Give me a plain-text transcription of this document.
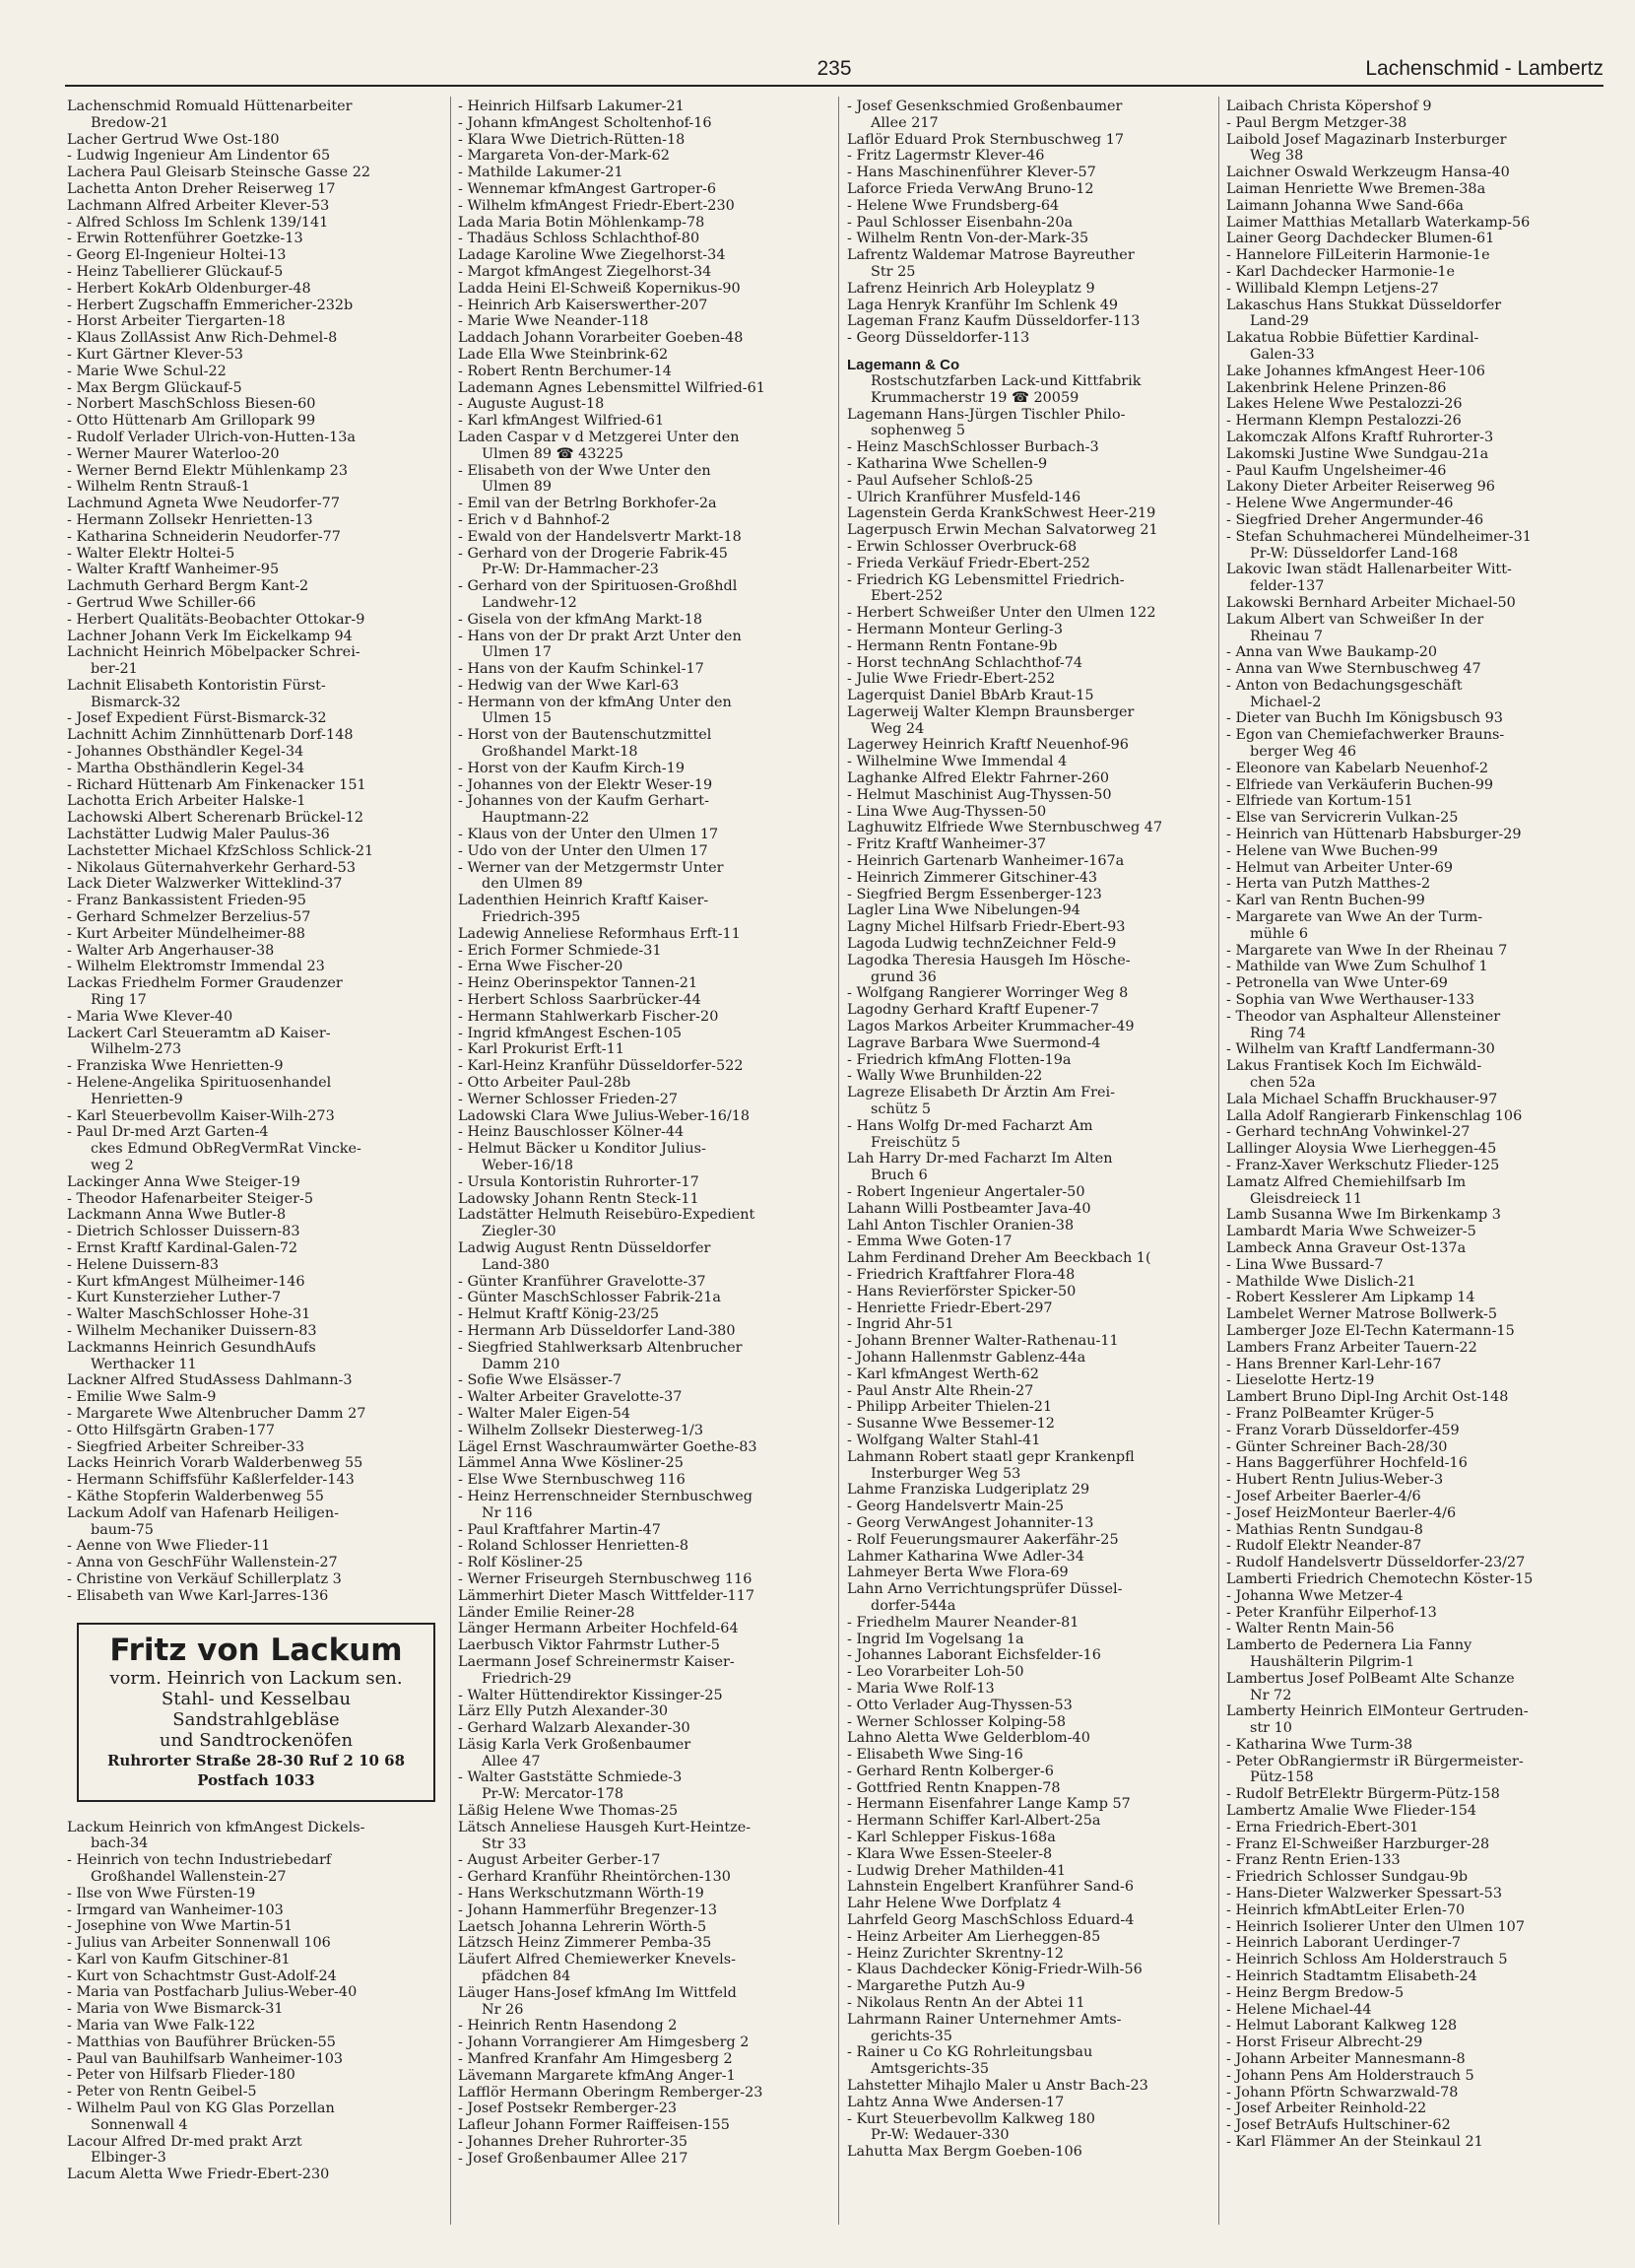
235	Lachenschmid - Lambertz
Lachenschmid Romuald Hüttenarbeiter
Bredow-21
Lacher Gertrud Wwe Ost-180
- Ludwig Ingenieur Am Lindentor 65
Lachera Paul Gleisarb Steinsche Gasse 22
Lachetta Anton Dreher Reiserweg 17
Lachmann Alfred Arbeiter Klever-53
- Alfred Schloss Im Schlenk 139/141
- Erwin Rottenführer Goetzke-13
- Georg El-Ingenieur Holtei-13
- Heinz Tabellierer Glückauf-5
- Herbert KokArb Oldenburger-48
- Herbert Zugschaffn Emmericher-232b
- Horst Arbeiter Tiergarten-18
- Klaus ZollAssist Anw Rich-Dehmel-8
- Kurt Gärtner Klever-53
- Marie Wwe Schul-22
- Max Bergm Glückauf-5
- Norbert MaschSchloss Biesen-60
- Otto Hüttenarb Am Grillopark 99
- Rudolf Verlader Ulrich-von-Hutten-13a
- Werner Maurer Waterloo-20
- Werner Bernd Elektr Mühlenkamp 23
- Wilhelm Rentn Strauß-1
Lachmund Agneta Wwe Neudorfer-77
- Hermann Zollsekr Henrietten-13
- Katharina Schneiderin Neudorfer-77
- Walter Elektr Holtei-5
- Walter Kraftf Wanheimer-95
Lachmuth Gerhard Bergm Kant-2
- Gertrud Wwe Schiller-66
- Herbert Qualitäts-Beobachter Ottokar-9
Lachner Johann Verk Im Eickelkamp 94
Lachnicht Heinrich Möbelpacker Schrei-
ber-21
Lachnit Elisabeth Kontoristin Fürst-
Bismarck-32
- Josef Expedient Fürst-Bismarck-32
Lachnitt Achim Zinnhüttenarb Dorf-148
- Johannes Obsthändler Kegel-34
- Martha Obsthändlerin Kegel-34
- Richard Hüttenarb Am Finkenacker 151
Lachotta Erich Arbeiter Halske-1
Lachowski Albert Scherenarb Brückel-12
Lachstätter Ludwig Maler Paulus-36
Lachstetter Michael KfzSchloss Schlick-21
- Nikolaus Güternahverkehr Gerhard-53
Lack Dieter Walzwerker Witteklind-37
- Franz Bankassistent Frieden-95
- Gerhard Schmelzer Berzelius-57
- Kurt Arbeiter Mündelheimer-88
- Walter Arb Angerhauser-38
- Wilhelm Elektromstr Immendal 23
Lackas Friedhelm Former Graudenzer
Ring 17
- Maria Wwe Klever-40
Lackert Carl Steueramtm aD Kaiser-
Wilhelm-273
- Franziska Wwe Henrietten-9
- Helene-Angelika Spirituosenhandel
Henrietten-9
- Karl Steuerbevollm Kaiser-Wilh-273
- Paul Dr-med Arzt Garten-4
ckes Edmund ObRegVermRat Vincke-
weg 2
Lackinger Anna Wwe Steiger-19
- Theodor Hafenarbeiter Steiger-5
Lackmann Anna Wwe Butler-8
- Dietrich Schlosser Duissern-83
- Ernst Kraftf Kardinal-Galen-72
- Helene Duissern-83
- Kurt kfmAngest Mülheimer-146
- Kurt Kunsterzieher Luther-7
- Walter MaschSchlosser Hohe-31
- Wilhelm Mechaniker Duissern-83
Lackmanns Heinrich GesundhAufs
Werthacker 11
Lackner Alfred StudAssess Dahlmann-3
- Emilie Wwe Salm-9
- Margarete Wwe Altenbrucher Damm 27
- Otto Hilfsgärtn Graben-177
- Siegfried Arbeiter Schreiber-33
Lacks Heinrich Vorarb Walderbenweg 55
- Hermann Schiffsführ Kaßlerfelder-143
- Käthe Stopferin Walderbenweg 55
Lackum Adolf van Hafenarb Heiligen-
baum-75
- Aenne von Wwe Flieder-11
- Anna von GeschFühr Wallenstein-27
- Christine von Verkäuf Schillerplatz 3
- Elisabeth van Wwe Karl-Jarres-136
Fritz von Lackum
vorm. Heinrich von Lackum sen.
Stahl- und Kesselbau
Sandstrahlgebläse
und Sandtrockenöfen
Ruhrorter Straße 28-30 Ruf 2 10 68
Postfach 1033
Lackum Heinrich von kfmAngest Dickels-
bach-34
- Heinrich von techn Industriebedarf
Großhandel Wallenstein-27
- Ilse von Wwe Fürsten-19
- Irmgard van Wanheimer-103
- Josephine von Wwe Martin-51
- Julius van Arbeiter Sonnenwall 106
- Karl von Kaufm Gitschiner-81
- Kurt von Schachtmstr Gust-Adolf-24
- Maria van Postfacharb Julius-Weber-40
- Maria von Wwe Bismarck-31
- Maria van Wwe Falk-122
- Matthias von Bauführer Brücken-55
- Paul van Bauhilfsarb Wanheimer-103
- Peter von Hilfsarb Flieder-180
- Peter von Rentn Geibel-5
- Wilhelm Paul von KG Glas Porzellan
Sonnenwall 4
Lacour Alfred Dr-med prakt Arzt
Elbinger-3
Lacum Aletta Wwe Friedr-Ebert-230
- Heinrich Hilfsarb Lakumer-21
- Johann kfmAngest Scholtenhof-16
- Klara Wwe Dietrich-Rütten-18
- Margareta Von-der-Mark-62
- Mathilde Lakumer-21
- Wennemar kfmAngest Gartroper-6
- Wilhelm kfmAngest Friedr-Ebert-230
Lada Maria Botin Möhlenkamp-78
- Thadäus Schloss Schlachthof-80
Ladage Karoline Wwe Ziegelhorst-34
- Margot kfmAngest Ziegelhorst-34
Ladda Heini El-Schweiß Kopernikus-90
- Heinrich Arb Kaiserswerther-207
- Marie Wwe Neander-118
Laddach Johann Vorarbeiter Goeben-48
Lade Ella Wwe Steinbrink-62
- Robert Rentn Berchumer-14
Lademann Agnes Lebensmittel Wilfried-61
- Auguste August-18
- Karl kfmAngest Wilfried-61
Laden Caspar v d Metzgerei Unter den
Ulmen 89 ☎ 43225
- Elisabeth von der Wwe Unter den
Ulmen 89
- Emil van der Betrlng Borkhofer-2a
- Erich v d Bahnhof-2
- Ewald von der Handelsvertr Markt-18
- Gerhard von der Drogerie Fabrik-45
Pr-W: Dr-Hammacher-23
- Gerhard von der Spirituosen-Großhdl
Landwehr-12
- Gisela von der kfmAng Markt-18
- Hans von der Dr prakt Arzt Unter den
Ulmen 17
- Hans von der Kaufm Schinkel-17
- Hedwig van der Wwe Karl-63
- Hermann von der kfmAng Unter den
Ulmen 15
- Horst von der Bautenschutzmittel
Großhandel Markt-18
- Horst von der Kaufm Kirch-19
- Johannes von der Elektr Weser-19
- Johannes von der Kaufm Gerhart-
Hauptmann-22
- Klaus von der Unter den Ulmen 17
- Udo von der Unter den Ulmen 17
- Werner van der Metzgermstr Unter
den Ulmen 89
Ladenthien Heinrich Kraftf Kaiser-
Friedrich-395
Ladewig Anneliese Reformhaus Erft-11
- Erich Former Schmiede-31
- Erna Wwe Fischer-20
- Heinz Oberinspektor Tannen-21
- Herbert Schloss Saarbrücker-44
- Hermann Stahlwerkarb Fischer-20
- Ingrid kfmAngest Eschen-105
- Karl Prokurist Erft-11
- Karl-Heinz Kranführ Düsseldorfer-522
- Otto Arbeiter Paul-28b
- Werner Schlosser Frieden-27
Ladowski Clara Wwe Julius-Weber-16/18
- Heinz Bauschlosser Kölner-44
- Helmut Bäcker u Konditor Julius-
Weber-16/18
- Ursula Kontoristin Ruhrorter-17
Ladowsky Johann Rentn Steck-11
Ladstätter Helmuth Reisebüro-Expedient
Ziegler-30
Ladwig August Rentn Düsseldorfer
Land-380
- Günter Kranführer Gravelotte-37
- Günter MaschSchlosser Fabrik-21a
- Helmut Kraftf König-23/25
- Hermann Arb Düsseldorfer Land-380
- Siegfried Stahlwerksarb Altenbrucher
Damm 210
- Sofie Wwe Elsässer-7
- Walter Arbeiter Gravelotte-37
- Walter Maler Eigen-54
- Wilhelm Zollsekr Diesterweg-1/3
Lägel Ernst Waschraumwärter Goethe-83
Lämmel Anna Wwe Kösliner-25
- Else Wwe Sternbuschweg 116
- Heinz Herrenschneider Sternbuschweg
Nr 116
- Paul Kraftfahrer Martin-47
- Roland Schlosser Henrietten-8
- Rolf Kösliner-25
- Werner Friseurgeh Sternbuschweg 116
Lämmerhirt Dieter Masch Wittfelder-117
Länder Emilie Reiner-28
Länger Hermann Arbeiter Hochfeld-64
Laerbusch Viktor Fahrmstr Luther-5
Laermann Josef Schreinermstr Kaiser-
Friedrich-29
- Walter Hüttendirektor Kissinger-25
Lärz Elly Putzh Alexander-30
- Gerhard Walzarb Alexander-30
Läsig Karla Verk Großenbaumer
Allee 47
- Walter Gaststätte Schmiede-3
Pr-W: Mercator-178
Läßig Helene Wwe Thomas-25
Lätsch Anneliese Hausgeh Kurt-Heintze-
Str 33
- August Arbeiter Gerber-17
- Gerhard Kranführ Rheintörchen-130
- Hans Werkschutzmann Wörth-19
- Johann Hammerführ Bregenzer-13
Laetsch Johanna Lehrerin Wörth-5
Lätzsch Heinz Zimmerer Pemba-35
Läufert Alfred Chemiewerker Knevels-
pfädchen 84
Läuger Hans-Josef kfmAng Im Wittfeld
Nr 26
- Heinrich Rentn Hasendong 2
- Johann Vorrangierer Am Himgesberg 2
- Manfred Kranfahr Am Himgesberg 2
Lävemann Margarete kfmAng Anger-1
Lafflör Hermann Oberingm Remberger-23
- Josef Postsekr Remberger-23
Lafleur Johann Former Raiffeisen-155
- Johannes Dreher Ruhrorter-35
- Josef Großenbaumer Allee 217
- Josef Gesenkschmied Großenbaumer
Allee 217
Laflör Eduard Prok Sternbuschweg 17
- Fritz Lagermstr Klever-46
- Hans Maschinenführer Klever-57
Laforce Frieda VerwAng Bruno-12
- Helene Wwe Frundsberg-64
- Paul Schlosser Eisenbahn-20a
- Wilhelm Rentn Von-der-Mark-35
Lafrentz Waldemar Matrose Bayreuther
Str 25
Lafrenz Heinrich Arb Holeyplatz 9
Laga Henryk Kranführ Im Schlenk 49
Lageman Franz Kaufm Düsseldorfer-113
- Georg Düsseldorfer-113
Lagemann & Co
Rostschutzfarben Lack-und Kittfabrik
Krummacherstr 19 ☎ 20059
Lagemann Hans-Jürgen Tischler Philo-
sophenweg 5
- Heinz MaschSchlosser Burbach-3
- Katharina Wwe Schellen-9
- Paul Aufseher Schloß-25
- Ulrich Kranführer Musfeld-146
Lagenstein Gerda KrankSchwest Heer-219
Lagerpusch Erwin Mechan Salvatorweg 21
- Erwin Schlosser Overbruck-68
- Frieda Verkäuf Friedr-Ebert-252
- Friedrich KG Lebensmittel Friedrich-
Ebert-252
- Herbert Schweißer Unter den Ulmen 122
- Hermann Monteur Gerling-3
- Hermann Rentn Fontane-9b
- Horst technAng Schlachthof-74
- Julie Wwe Friedr-Ebert-252
Lagerquist Daniel BbArb Kraut-15
Lagerweij Walter Klempn Braunsberger
Weg 24
Lagerwey Heinrich Kraftf Neuenhof-96
- Wilhelmine Wwe Immendal 4
Laghanke Alfred Elektr Fahrner-260
- Helmut Maschinist Aug-Thyssen-50
- Lina Wwe Aug-Thyssen-50
Laghuwitz Elfriede Wwe Sternbuschweg 47
- Fritz Kraftf Wanheimer-37
- Heinrich Gartenarb Wanheimer-167a
- Heinrich Zimmerer Gitschiner-43
- Siegfried Bergm Essenberger-123
Lagler Lina Wwe Nibelungen-94
Lagny Michel Hilfsarb Friedr-Ebert-93
Lagoda Ludwig technZeichner Feld-9
Lagodka Theresia Hausgeh Im Hösche-
grund 36
- Wolfgang Rangierer Worringer Weg 8
Lagodny Gerhard Kraftf Eupener-7
Lagos Markos Arbeiter Krummacher-49
Lagrave Barbara Wwe Suermond-4
- Friedrich kfmAng Flotten-19a
- Wally Wwe Brunhilden-22
Lagreze Elisabeth Dr Ärztin Am Frei-
schütz 5
- Hans Wolfg Dr-med Facharzt Am
Freischütz 5
Lah Harry Dr-med Facharzt Im Alten
Bruch 6
- Robert Ingenieur Angertaler-50
Lahann Willi Postbeamter Java-40
Lahl Anton Tischler Oranien-38
- Emma Wwe Goten-17
Lahm Ferdinand Dreher Am Beeckbach 1(
- Friedrich Kraftfahrer Flora-48
- Hans Revierförster Spicker-50
- Henriette Friedr-Ebert-297
- Ingrid Ahr-51
- Johann Brenner Walter-Rathenau-11
- Johann Hallenmstr Gablenz-44a
- Karl kfmAngest Werth-62
- Paul Anstr Alte Rhein-27
- Philipp Arbeiter Thielen-21
- Susanne Wwe Bessemer-12
- Wolfgang Walter Stahl-41
Lahmann Robert staatl gepr Krankenpfl
Insterburger Weg 53
Lahme Franziska Ludgeriplatz 29
- Georg Handelsvertr Main-25
- Georg VerwAngest Johanniter-13
- Rolf Feuerungsmaurer Aakerfähr-25
Lahmer Katharina Wwe Adler-34
Lahmeyer Berta Wwe Flora-69
Lahn Arno Verrichtungsprüfer Düssel-
dorfer-544a
- Friedhelm Maurer Neander-81
- Ingrid Im Vogelsang 1a
- Johannes Laborant Eichsfelder-16
- Leo Vorarbeiter Loh-50
- Maria Wwe Rolf-13
- Otto Verlader Aug-Thyssen-53
- Werner Schlosser Kolping-58
Lahno Aletta Wwe Gelderblom-40
- Elisabeth Wwe Sing-16
- Gerhard Rentn Kolberger-6
- Gottfried Rentn Knappen-78
- Hermann Eisenfahrer Lange Kamp 57
- Hermann Schiffer Karl-Albert-25a
- Karl Schlepper Fiskus-168a
- Klara Wwe Essen-Steeler-8
- Ludwig Dreher Mathilden-41
Lahnstein Engelbert Kranführer Sand-6
Lahr Helene Wwe Dorfplatz 4
Lahrfeld Georg MaschSchloss Eduard-4
- Heinz Arbeiter Am Lierheggen-85
- Heinz Zurichter Skrentny-12
- Klaus Dachdecker König-Friedr-Wilh-56
- Margarethe Putzh Au-9
- Nikolaus Rentn An der Abtei 11
Lahrmann Rainer Unternehmer Amts-
gerichts-35
- Rainer u Co KG Rohrleitungsbau
Amtsgerichts-35
Lahstetter Mihajlo Maler u Anstr Bach-23
Lahtz Anna Wwe Andersen-17
- Kurt Steuerbevollm Kalkweg 180
Pr-W: Wedauer-330
Lahutta Max Bergm Goeben-106
Laibach Christa Köpershof 9
- Paul Bergm Metzger-38
Laibold Josef Magazinarb Insterburger
Weg 38
Laichner Oswald Werkzeugm Hansa-40
Laiman Henriette Wwe Bremen-38a
Laimann Johanna Wwe Sand-66a
Laimer Matthias Metallarb Waterkamp-56
Lainer Georg Dachdecker Blumen-61
- Hannelore FilLeiterin Harmonie-1e
- Karl Dachdecker Harmonie-1e
- Willibald Klempn Letjens-27
Lakaschus Hans Stukkat Düsseldorfer
Land-29
Lakatua Robbie Büfettier Kardinal-
Galen-33
Lake Johannes kfmAngest Heer-106
Lakenbrink Helene Prinzen-86
Lakes Helene Wwe Pestalozzi-26
- Hermann Klempn Pestalozzi-26
Lakomczak Alfons Kraftf Ruhrorter-3
Lakomski Justine Wwe Sundgau-21a
- Paul Kaufm Ungelsheimer-46
Lakony Dieter Arbeiter Reiserweg 96
- Helene Wwe Angermunder-46
- Siegfried Dreher Angermunder-46
- Stefan Schuhmacherei Mündelheimer-31
Pr-W: Düsseldorfer Land-168
Lakovic Iwan städt Hallenarbeiter Witt-
felder-137
Lakowski Bernhard Arbeiter Michael-50
Lakum Albert van Schweißer In der
Rheinau 7
- Anna van Wwe Baukamp-20
- Anna van Wwe Sternbuschweg 47
- Anton von Bedachungsgeschäft
Michael-2
- Dieter van Buchh Im Königsbusch 93
- Egon van Chemiefachwerker Brauns-
berger Weg 46
- Eleonore van Kabelarb Neuenhof-2
- Elfriede van Verkäuferin Buchen-99
- Elfriede van Kortum-151
- Else van Servicrerin Vulkan-25
- Heinrich van Hüttenarb Habsburger-29
- Helene van Wwe Buchen-99
- Helmut van Arbeiter Unter-69
- Herta van Putzh Matthes-2
- Karl van Rentn Buchen-99
- Margarete van Wwe An der Turm-
mühle 6
- Margarete van Wwe In der Rheinau 7
- Mathilde van Wwe Zum Schulhof 1
- Petronella van Wwe Unter-69
- Sophia van Wwe Werthauser-133
- Theodor van Asphalteur Allensteiner
Ring 74
- Wilhelm van Kraftf Landfermann-30
Lakus Frantisek Koch Im Eichwäld-
chen 52a
Lala Michael Schaffn Bruckhauser-97
Lalla Adolf Rangierarb Finkenschlag 106
- Gerhard technAng Vohwinkel-27
Lallinger Aloysia Wwe Lierheggen-45
- Franz-Xaver Werkschutz Flieder-125
Lamatz Alfred Chemiehilfsarb Im
Gleisdreieck 11
Lamb Susanna Wwe Im Birkenkamp 3
Lambardt Maria Wwe Schweizer-5
Lambeck Anna Graveur Ost-137a
- Lina Wwe Bussard-7
- Mathilde Wwe Dislich-21
- Robert Kesslerer Am Lipkamp 14
Lambelet Werner Matrose Bollwerk-5
Lamberger Joze El-Techn Katermann-15
Lambers Franz Arbeiter Tauern-22
- Hans Brenner Karl-Lehr-167
- Lieselotte Hertz-19
Lambert Bruno Dipl-Ing Archit Ost-148
- Franz PolBeamter Krüger-5
- Franz Vorarb Düsseldorfer-459
- Günter Schreiner Bach-28/30
- Hans Baggerführer Hochfeld-16
- Hubert Rentn Julius-Weber-3
- Josef Arbeiter Baerler-4/6
- Josef HeizMonteur Baerler-4/6
- Mathias Rentn Sundgau-8
- Rudolf Elektr Neander-87
- Rudolf Handelsvertr Düsseldorfer-23/27
Lamberti Friedrich Chemotechn Köster-15
- Johanna Wwe Metzer-4
- Peter Kranführ Eilperhof-13
- Walter Rentn Main-56
Lamberto de Pedernera Lia Fanny
Haushälterin Pilgrim-1
Lambertus Josef PolBeamt Alte Schanze
Nr 72
Lamberty Heinrich ElMonteur Gertruden-
str 10
- Katharina Wwe Turm-38
- Peter ObRangiermstr iR Bürgermeister-
Pütz-158
- Rudolf BetrElektr Bürgerm-Pütz-158
Lambertz Amalie Wwe Flieder-154
- Erna Friedrich-Ebert-301
- Franz El-Schweißer Harzburger-28
- Franz Rentn Erien-133
- Friedrich Schlosser Sundgau-9b
- Hans-Dieter Walzwerker Spessart-53
- Heinrich kfmAbtLeiter Erlen-70
- Heinrich Isolierer Unter den Ulmen 107
- Heinrich Laborant Uerdinger-7
- Heinrich Schloss Am Holderstrauch 5
- Heinrich Stadtamtm Elisabeth-24
- Heinz Bergm Bredow-5
- Helene Michael-44
- Helmut Laborant Kalkweg 128
- Horst Friseur Albrecht-29
- Johann Arbeiter Mannesmann-8
- Johann Pens Am Holderstrauch 5
- Johann Pförtn Schwarzwald-78
- Josef Arbeiter Reinhold-22
- Josef BetrAufs Hultschiner-62
- Karl Flämmer An der Steinkaul 21
